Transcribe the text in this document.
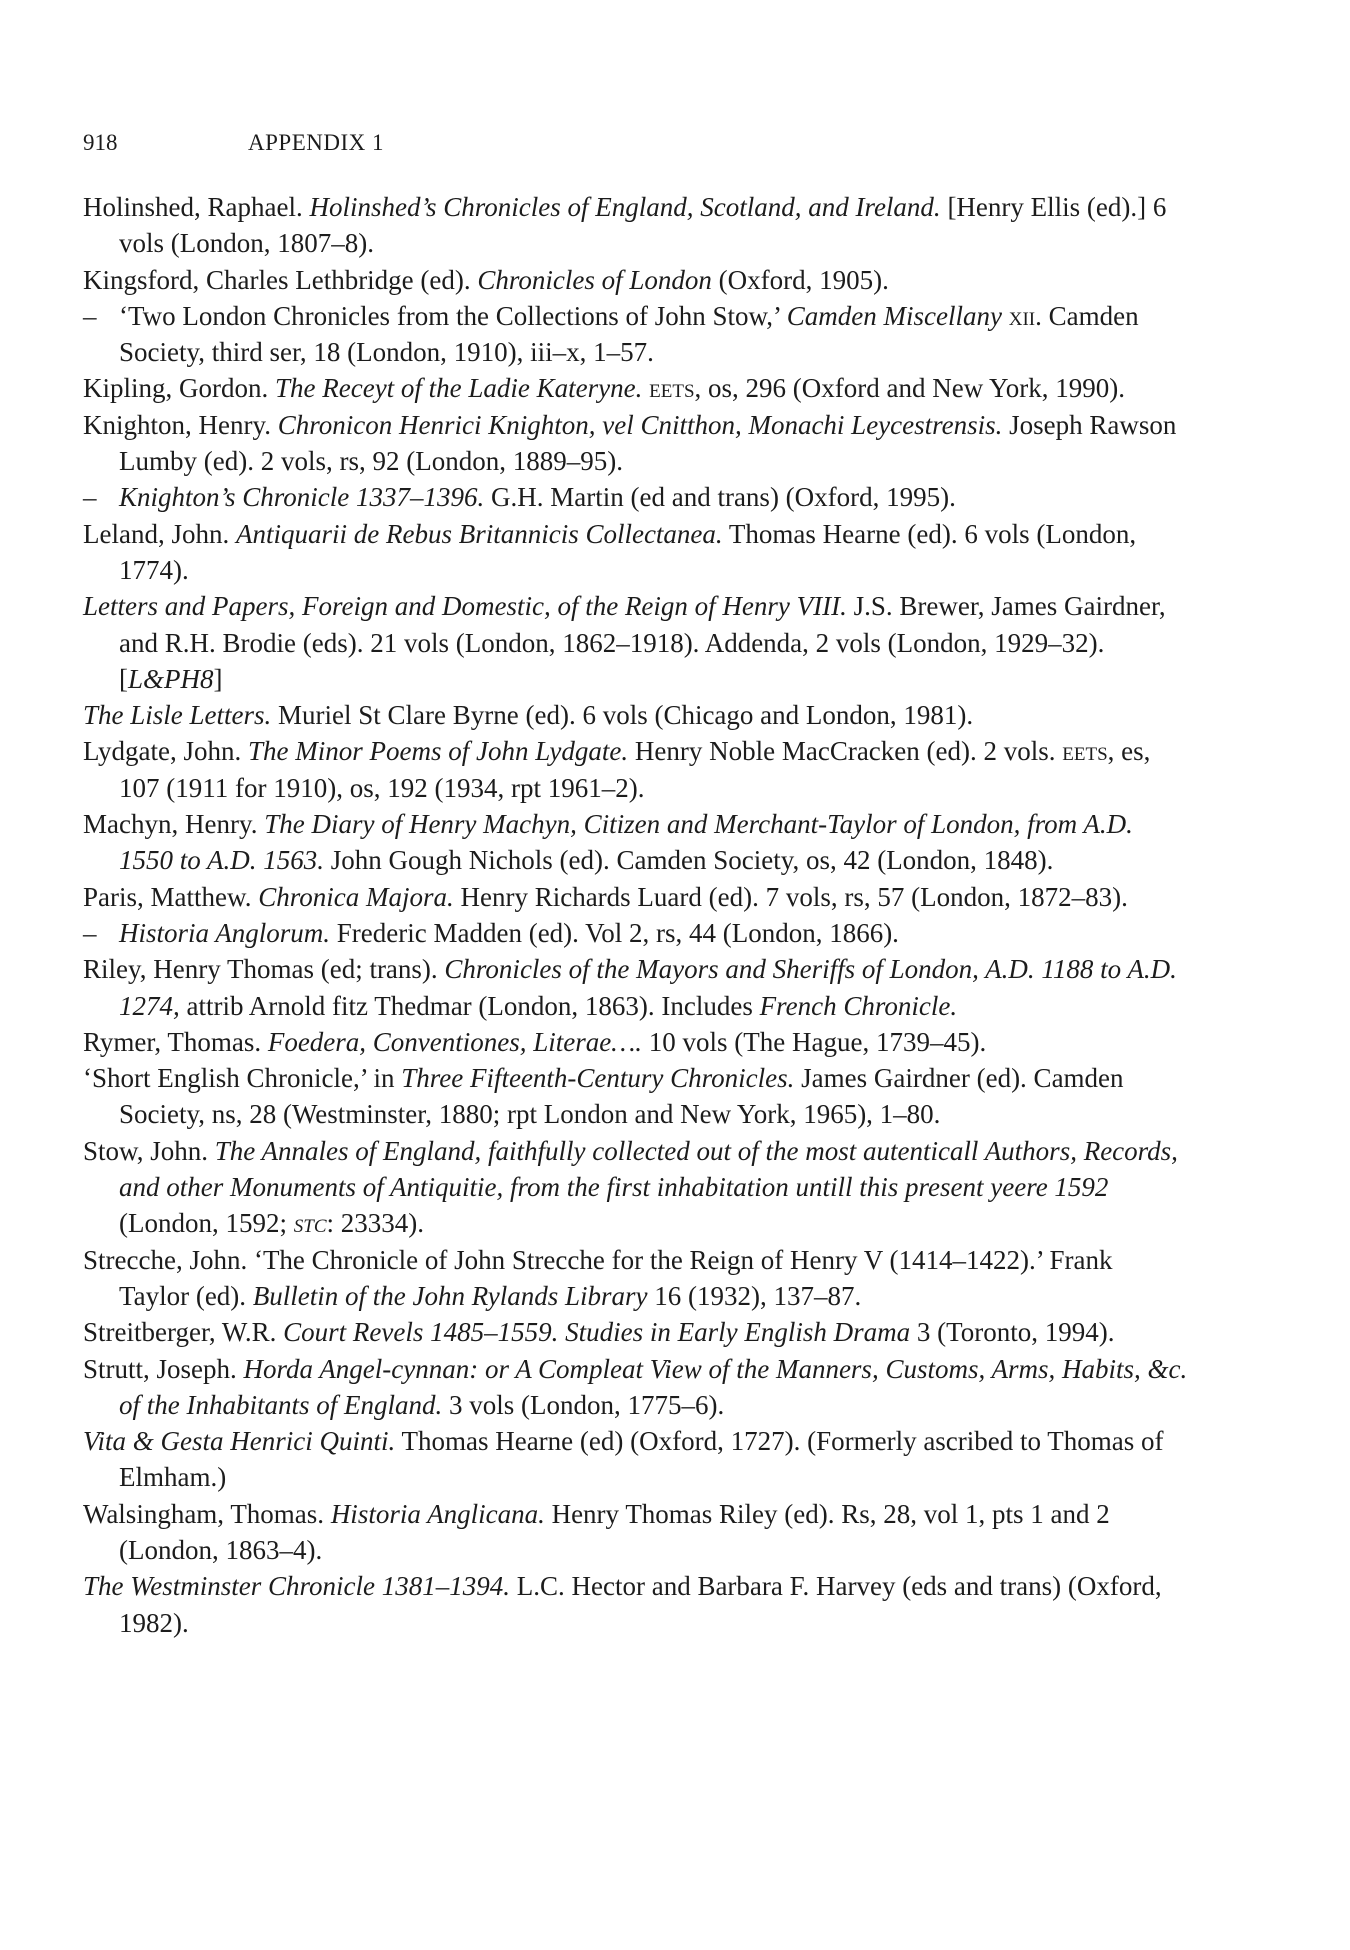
918	APPENDIX 1

Holinshed, Raphael. Holinshed’s Chronicles of England, Scotland, and Ireland. [Henry Ellis (ed).] 6 vols (London, 1807–8).

Kingsford, Charles Lethbridge (ed). Chronicles of London (Oxford, 1905).

– ‘Two London Chronicles from the Collections of John Stow,’ Camden Miscellany xii. Camden Society, third ser, 18 (London, 1910), iii–x, 1–57.

Kipling, Gordon. The Receyt of the Ladie Kateryne. eets, os, 296 (Oxford and New York, 1990).

Knighton, Henry. Chronicon Henrici Knighton, vel Cnitthon, Monachi Leycestrensis. Joseph Rawson Lumby (ed). 2 vols, rs, 92 (London, 1889–95).

– Knighton’s Chronicle 1337–1396. G.H. Martin (ed and trans) (Oxford, 1995).

Leland, John. Antiquarii de Rebus Britannicis Collectanea. Thomas Hearne (ed). 6 vols (London, 1774).

Letters and Papers, Foreign and Domestic, of the Reign of Henry VIII. J.S. Brewer, James Gairdner, and R.H. Brodie (eds). 21 vols (London, 1862–1918). Addenda, 2 vols (London, 1929–32). [L&PH8]

The Lisle Letters. Muriel St Clare Byrne (ed). 6 vols (Chicago and London, 1981).

Lydgate, John. The Minor Poems of John Lydgate. Henry Noble MacCracken (ed). 2 vols. eets, es, 107 (1911 for 1910), os, 192 (1934, rpt 1961–2).

Machyn, Henry. The Diary of Henry Machyn, Citizen and Merchant-Taylor of London, from A.D. 1550 to A.D. 1563. John Gough Nichols (ed). Camden Society, os, 42 (London, 1848).

Paris, Matthew. Chronica Majora. Henry Richards Luard (ed). 7 vols, rs, 57 (London, 1872–83).

– Historia Anglorum. Frederic Madden (ed). Vol 2, rs, 44 (London, 1866).

Riley, Henry Thomas (ed; trans). Chronicles of the Mayors and Sheriffs of London, A.D. 1188 to A.D. 1274, attrib Arnold fitz Thedmar (London, 1863). Includes French Chronicle.

Rymer, Thomas. Foedera, Conventiones, Literae…. 10 vols (The Hague, 1739–45).

‘Short English Chronicle,’ in Three Fifteenth-Century Chronicles. James Gairdner (ed). Camden Society, ns, 28 (Westminster, 1880; rpt London and New York, 1965), 1–80.

Stow, John. The Annales of England, faithfully collected out of the most autenticall Authors, Records, and other Monuments of Antiquitie, from the first inhabitation untill this present yeere 1592 (London, 1592; stc: 23334).

Strecche, John. ‘The Chronicle of John Strecche for the Reign of Henry V (1414–1422).’ Frank Taylor (ed). Bulletin of the John Rylands Library 16 (1932), 137–87.

Streitberger, W.R. Court Revels 1485–1559. Studies in Early English Drama 3 (Toronto, 1994).

Strutt, Joseph. Horda Angel-cynnan: or A Compleat View of the Manners, Customs, Arms, Habits, &c. of the Inhabitants of England. 3 vols (London, 1775–6).

Vita & Gesta Henrici Quinti. Thomas Hearne (ed) (Oxford, 1727). (Formerly ascribed to Thomas of Elmham.)

Walsingham, Thomas. Historia Anglicana. Henry Thomas Riley (ed). Rs, 28, vol 1, pts 1 and 2 (London, 1863–4).

The Westminster Chronicle 1381–1394. L.C. Hector and Barbara F. Harvey (eds and trans) (Oxford, 1982).
